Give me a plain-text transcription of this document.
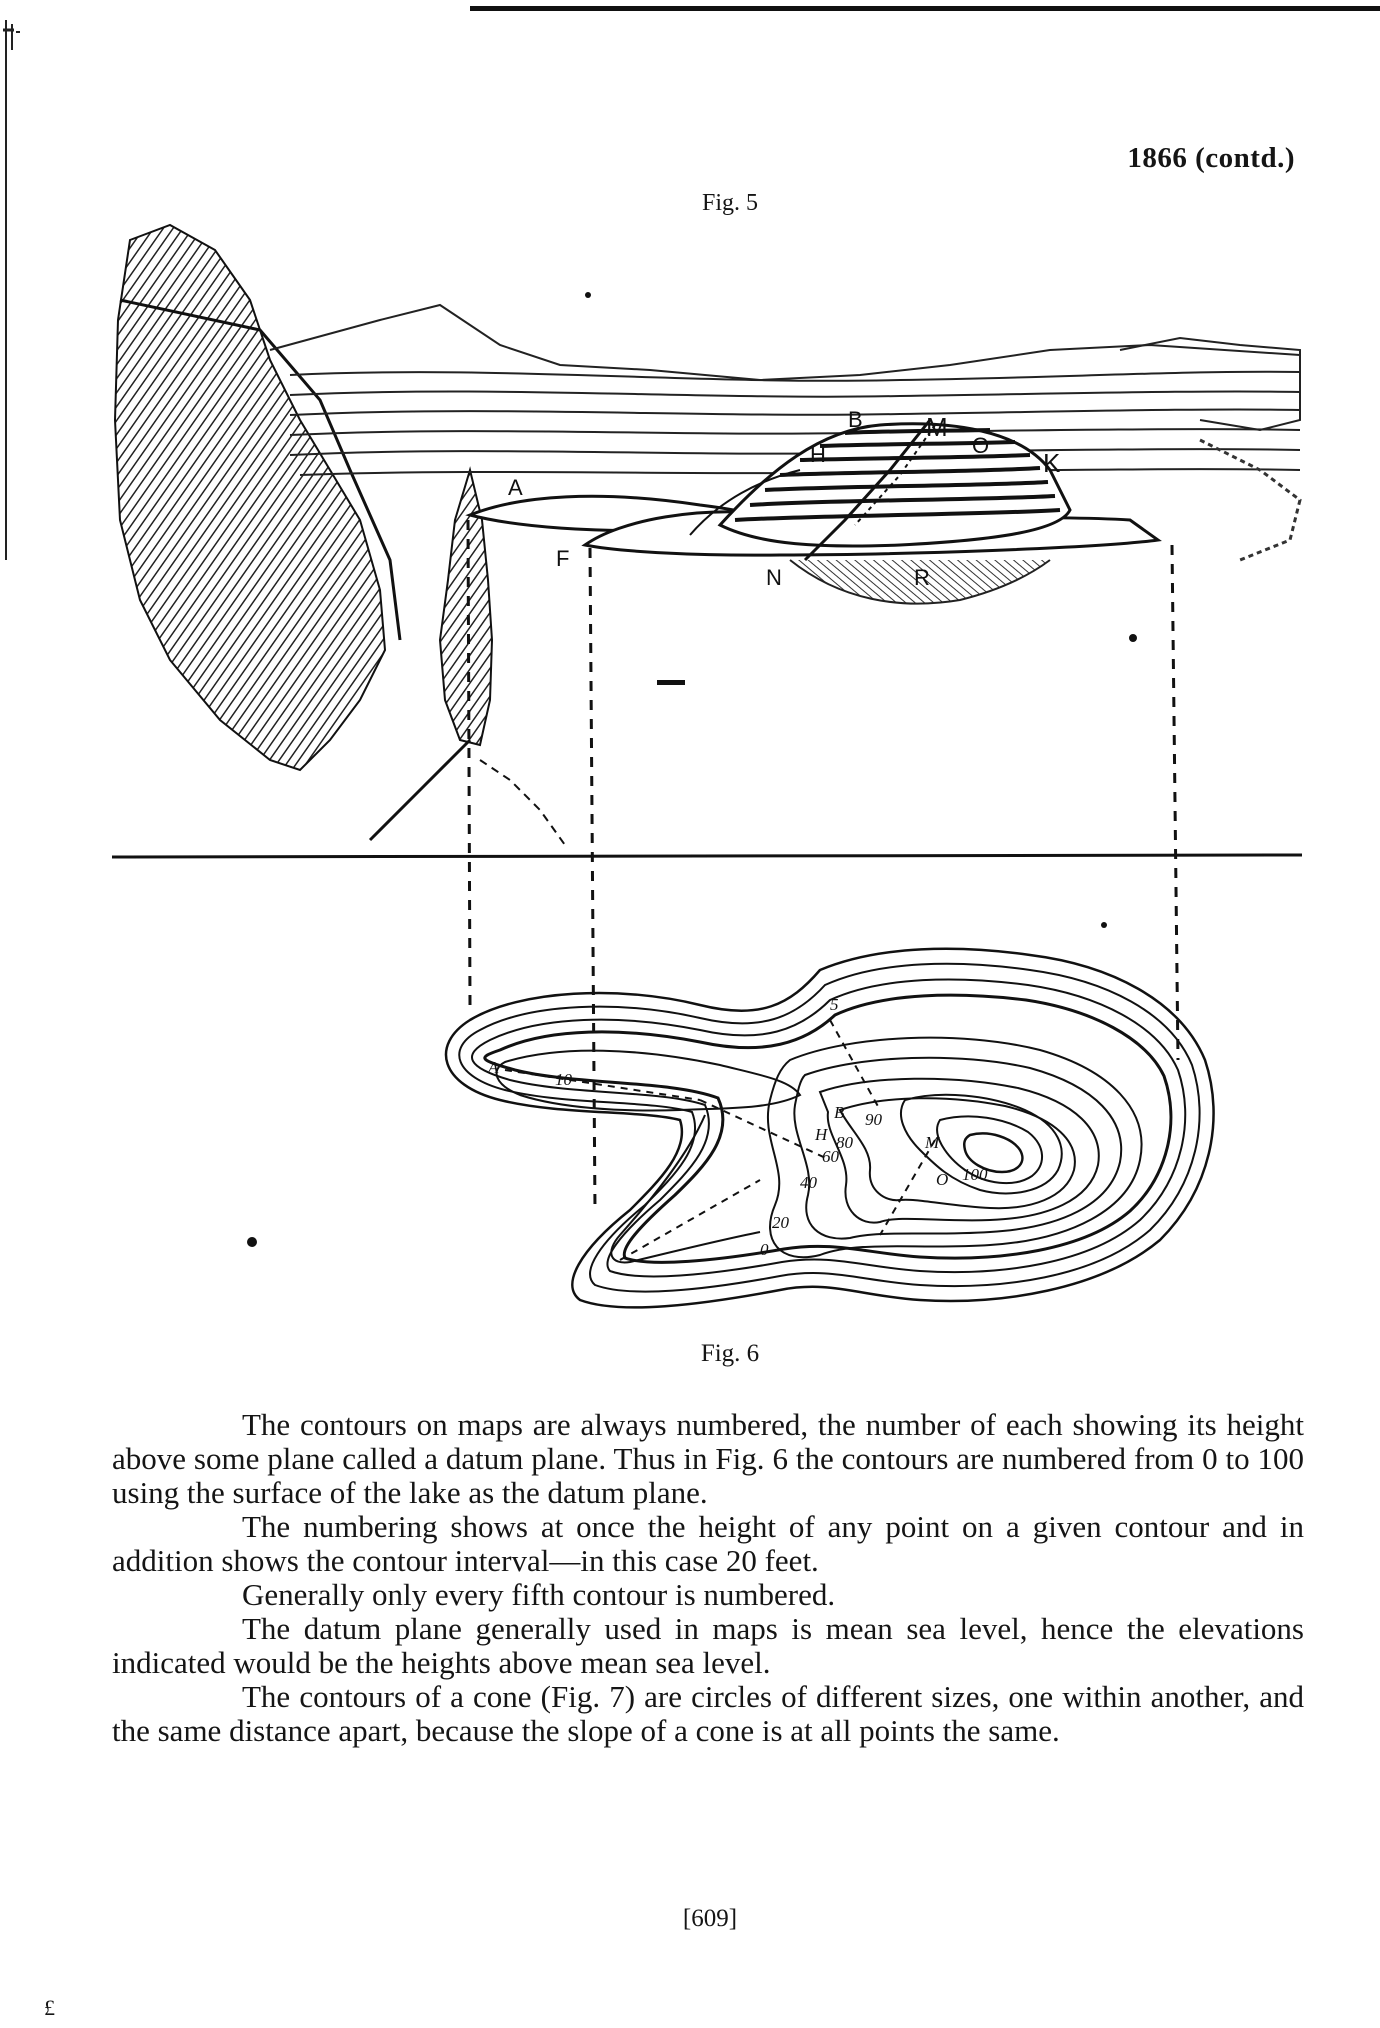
1866 (contd.)
Fig. 5
A
B
H
M
O
K
F
N	R
A
B
H	M
O
5
10
20
40
60
80
90
100
0
Fig. 6

The contours on maps are always numbered, the number of each showing its height above some plane called a datum plane. Thus in Fig. 6 the contours are numbered from 0 to 100 using the surface of the lake as the datum plane.

The numbering shows at once the height of any point on a given contour and in addition shows the contour interval—in this case 20 feet.

Generally only every fifth contour is numbered.

The datum plane generally used in maps is mean sea level, hence the elevations indicated would be the heights above mean sea level.

The contours of a cone (Fig. 7) are circles of different sizes, one within another, and the same distance apart, because the slope of a cone is at all points the same.

[609]
£
